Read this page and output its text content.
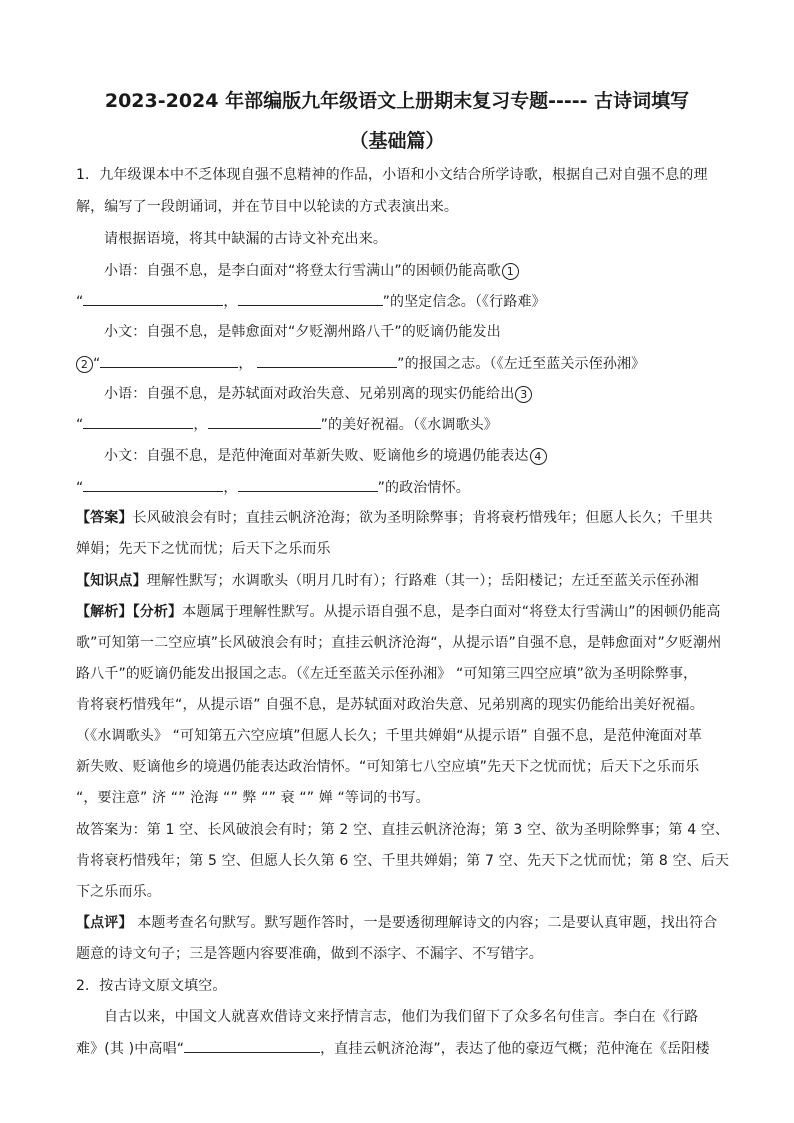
2023-2024 年部编版九年级语文上册期末复习专题----- 古诗词填写
（基础篇）
1．九年级课本中不乏体现自强不息精神的作品，小语和小文结合所学诗歌，根据自己对自强不息的理
解，编写了一段朗诵词，并在节目中以轮读的方式表演出来。
请根据语境，将其中缺漏的古诗文补充出来。
小语：自强不息，是李白面对“将登太行雪满山”的困顿仍能高歌 1
“	，	”的坚定信念。（《行路难》
小文：自强不息，是韩愈面对“夕贬潮州路八千”的贬谪仍能发出
2 “	，	”的报国之志。（《左迁至蓝关示侄孙湘》
小语：自强不息，是苏轼面对政治失意、兄弟别离的现实仍能给出 3
“	，	”的美好祝福。（《水调歌头》
小文：自强不息，是范仲淹面对革新失败、贬谪他乡的境遇仍能表达 4
“	，	”的政治情怀。
【答案】长风破浪会有时；直挂云帆济沧海；欲为圣明除弊事；肯将衰朽惜残年；但愿人长久；千里共
婵娟；先天下之忧而忧；后天下之乐而乐
【知识点】理解性默写；水调歌头（明月几时有）；行路难（其一）；岳阳楼记；左迁至蓝关示侄孙湘
【解析】【分析】本题属于理解性默写。从提示语自强不息，是李白面对“将登太行雪满山”的困顿仍能高
歌”可知第一二空应填”长风破浪会有时；直挂云帆济沧海“，从提示语”自强不息，是韩愈面对”夕贬潮州
路八千”的贬谪仍能发出报国之志。（《左迁至蓝关示侄孙湘》 “可知第三四空应填”欲为圣明除弊事，
肯将衰朽惜残年“，从提示语” 自强不息，是苏轼面对政治失意、兄弟别离的现实仍能给出美好祝福。
（《水调歌头》 “可知第五六空应填”但愿人长久；千里共婵娟“从提示语” 自强不息，是范仲淹面对革
新失败、贬谪他乡的境遇仍能表达政治情怀。“可知第七八空应填”先天下之忧而忧；后天下之乐而乐
“，要注意” 济 “” 沧海 “” 弊 “” 衰 “” 婵 “等词的书写。
故答案为：第 1 空、长风破浪会有时；第 2 空、直挂云帆济沧海；第 3 空、欲为圣明除弊事；第 4 空、
肯将衰朽惜残年；第 5 空、但愿人长久第 6 空、千里共婵娟；第 7 空、先天下之忧而忧；第 8 空、后天
下之乐而乐。
【点评】 本题考查名句默写。默写题作答时，一是要透彻理解诗文的内容；二是要认真审题，找出符合
题意的诗文句子；三是答题内容要准确，做到不添字、不漏字、不写错字。
2．按古诗文原文填空。
自古以来，中国文人就喜欢借诗文来抒情言志，他们为我们留下了众多名句佳言。李白在《行路
难》(其 )中高唱“	，直挂云帆济沧海”，表达了他的豪迈气概；范仲淹在《岳阳楼
